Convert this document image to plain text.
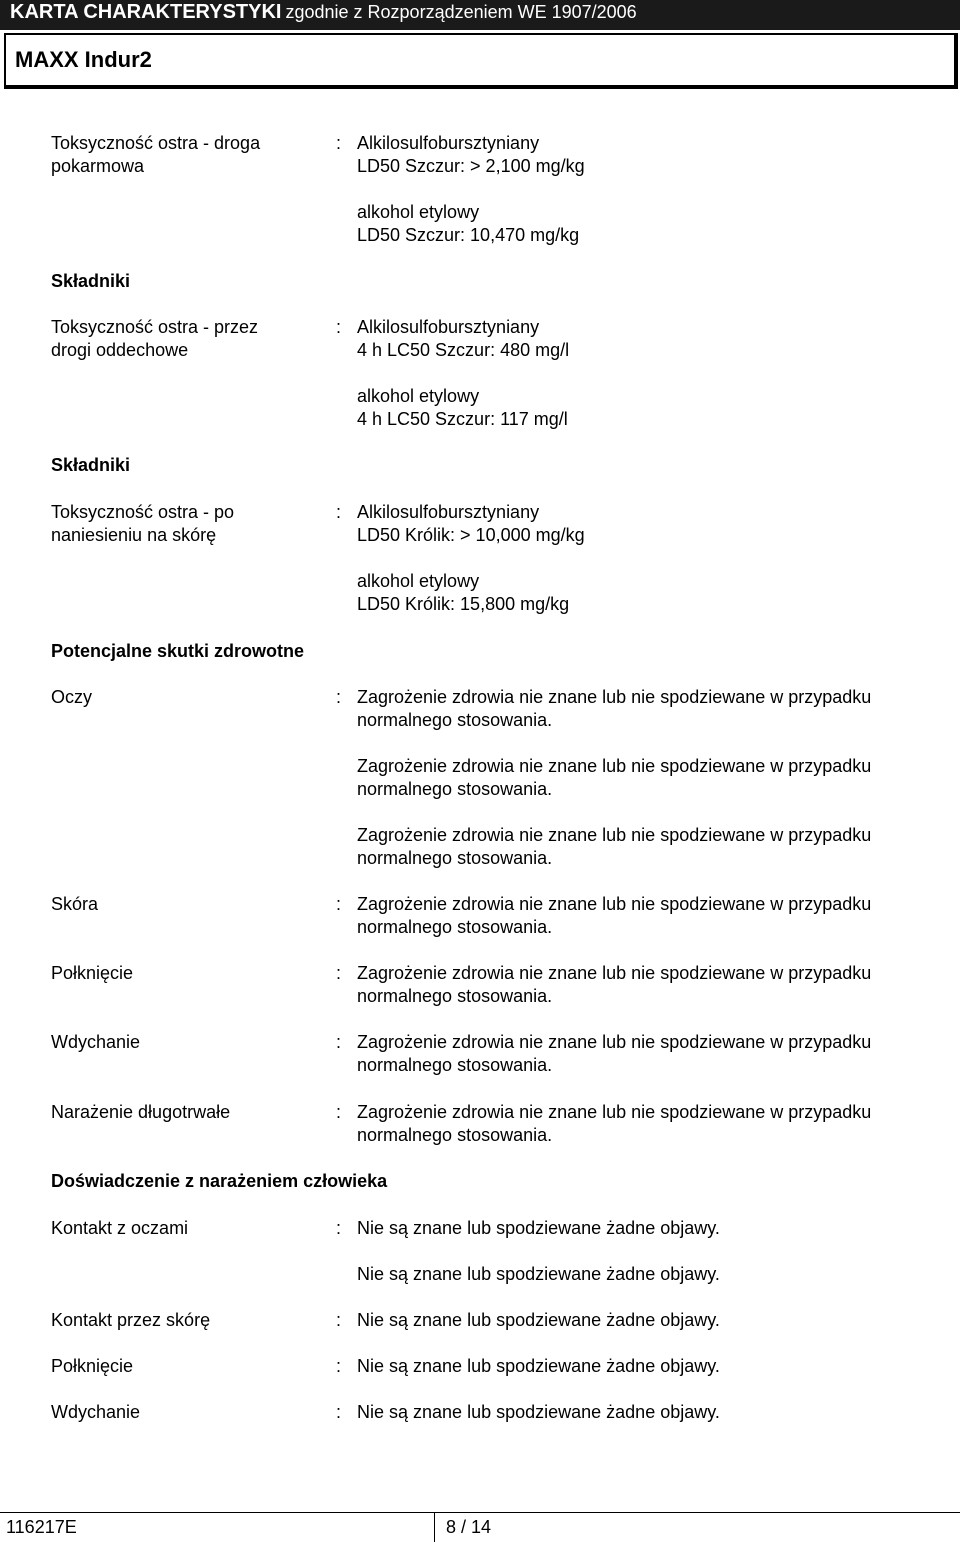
KARTA CHARAKTERYSTYKI zgodnie z Rozporządzeniem WE 1907/2006
MAXX Indur2
Toksyczność ostra - droga
pokarmowa
: Alkilosulfobursztyniany
LD50 Szczur: > 2,100 mg/kg
alkohol etylowy
LD50 Szczur: 10,470 mg/kg
Składniki
Toksyczność ostra - przez
drogi oddechowe
: Alkilosulfobursztyniany
4 h LC50 Szczur: 480 mg/l
alkohol etylowy
4 h LC50 Szczur: 117 mg/l
Składniki
Toksyczność ostra - po
naniesieniu na skórę
: Alkilosulfobursztyniany
LD50 Królik: > 10,000 mg/kg
alkohol etylowy
LD50 Królik: 15,800 mg/kg
Potencjalne skutki zdrowotne
Oczy	: Zagrożenie zdrowia nie znane lub nie spodziewane w przypadku
normalnego stosowania.
Zagrożenie zdrowia nie znane lub nie spodziewane w przypadku
normalnego stosowania.
Zagrożenie zdrowia nie znane lub nie spodziewane w przypadku
normalnego stosowania.
Skóra	: Zagrożenie zdrowia nie znane lub nie spodziewane w przypadku
normalnego stosowania.
Połknięcie	: Zagrożenie zdrowia nie znane lub nie spodziewane w przypadku
normalnego stosowania.
Wdychanie	: Zagrożenie zdrowia nie znane lub nie spodziewane w przypadku
normalnego stosowania.
Narażenie długotrwałe	: Zagrożenie zdrowia nie znane lub nie spodziewane w przypadku
normalnego stosowania.
Doświadczenie z narażeniem człowieka
Kontakt z oczami	: Nie są znane lub spodziewane żadne objawy.
Nie są znane lub spodziewane żadne objawy.
Kontakt przez skórę	: Nie są znane lub spodziewane żadne objawy.
Połknięcie	: Nie są znane lub spodziewane żadne objawy.
Wdychanie	: Nie są znane lub spodziewane żadne objawy.
116217E	8 / 14
